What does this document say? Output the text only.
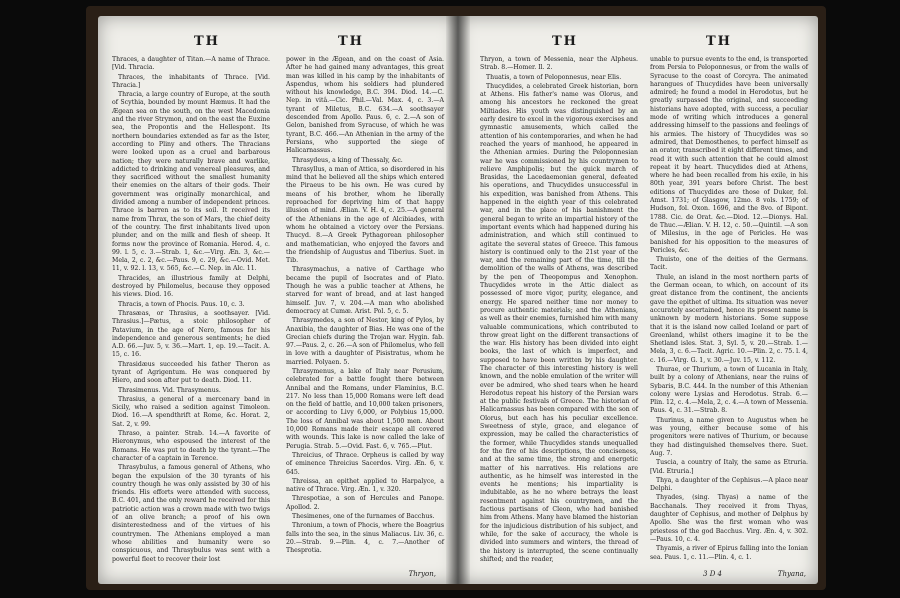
TH	TH

Thraces, a daughter of Titan.—A name of Thrace. [Vid. Thracia.

Thraces, the inhabitants of Thrace. [Vid. Thracia.]

Thracia, a large country of Europe, at the south of Scythia, bounded by mount Hæmus. It had the Ægean sea on the south, on the west Macedonia and the river Strymon, and on the east the Euxine sea, the Propontis and the Hellespont. Its northern boundaries extended as far as the Ister, according to Pliny and others. The Thracians were looked upon as a cruel and barbarous nation; they were naturally brave and warlike, addicted to drinking and venereal pleasures, and they sacrificed without the smallest humanity their enemies on the altars of their gods. Their government was originally monarchical, and divided among a number of independent princes. Thrace is barren as to its soil. It received its name from Thrax, the son of Mars, the chief deity of the country. The first inhabitants lived upon plunder, and on the milk and flesh of sheep. It forms now the province of Romania. Herod. 4, c. 99. l. 5, c. 3.—Strab. 1, &c.—Virg. Æn. 3, &c.—Mela, 2, c. 2, &c.—Paus. 9, c. 29, &c.—Ovid. Met. 11, v. 92. l. 13, v. 565, &c.—C. Nep. in Alc. 11.

Thracides, an illustrious family at Delphi, destroyed by Philomelus, because they opposed his views. Diod. 16.

Thracis, a town of Phocis. Paus. 10, c. 3.

Thrasæas, or Thrasius, a soothsayer. [Vid. Thrasius.]—Pætus, a stoic philosopher of Patavium, in the age of Nero, famous for his independence and generous sentiments; he died A.D. 66.—Juv. 5, v. 36.—Mart. 1, ep. 19.—Tacit. A. 15, c. 16.

Thrasidæus succeeded his father Theron as tyrant of Agrigentum. He was conquered by Hiero, and soon after put to death. Diod. 11.

Thrasimenus. Vid. Thrasymenus.

Thrasius, a general of a mercenary band in Sicily, who raised a sedition against Timoleon. Diod. 16.—A spendthrift at Rome, &c. Horat. 2, Sat. 2, v. 99.

Thraso, a painter. Strab. 14.—A favorite of Hieronymus, who espoused the interest of the Romans. He was put to death by the tyrant.—The character of a captain in Terence.

Thrasybulus, a famous general of Athens, who began the expulsion of the 30 tyrants of his country though he was only assisted by 30 of his friends. His efforts were attended with success, B.C. 401, and the only reward he received for this patriotic action was a crown made with two twigs of an olive branch; a proof of his own disinterestedness and of the virtues of his countrymen. The Athenians employed a man whose abilities and humanity were so conspicuous, and Thrasybulus was sent with a powerful fleet to recover their lost

power in the Ægean, and on the coast of Asia. After he had gained many advantages, this great man was killed in his camp by the inhabitants of Aspendus, whom his soldiers had plundered without his knowledge, B.C. 394. Diod. 14.—C. Nep. in vitâ.—Cic. Phil.—Val. Max. 4, c. 3.—A tyrant of Miletus, B.C. 634.—A soothsayer descended from Apollo. Paus. 6, c. 2.—A son of Gelon, banished from Syracuse, of which he was tyrant, B.C. 466.—An Athenian in the army of the Persians, who supported the siege of Halicarnassus.

Thrasydeus, a king of Thessaly, &c.

Thrasyllus, a man of Attica, so disordered in his mind that he believed all the ships which entered the Piraeus to be his own. He was cured by means of his brother, whom he liberally reproached for depriving him of that happy illusion of mind. Ælian. V. H. 4, c. 25.—A general of the Athenians in the age of Alcibiades, with whom he obtained a victory over the Persians. Thucyd. 8.—A Greek Pythagorean philosopher and mathematician, who enjoyed the favors and the friendship of Augustus and Tiberius. Suet. in Tib.

Thrasymachus, a native of Carthage who became the pupil of Isocrates and of Plato. Though he was a public teacher at Athens, he starved for want of bread, and at last hanged himself. Juv. 7, v. 204.—A man who abolished democracy at Cumæ. Arist. Pol. 5, c. 5.

Thrasymedes, a son of Nestor, king of Pylos, by Anaxibia, the daughter of Bias. He was one of the Grecian chiefs during the Trojan war. Hygin. fab. 97.—Paus. 2, c. 26.—A son of Philomelus, who fell in love with a daughter of Pisistratus, whom he married. Polyaen. 5.

Thrasymenus, a lake of Italy near Perusium, celebrated for a battle fought there between Annibal and the Romans, under Flaminius, B.C. 217. No less than 15,000 Romans were left dead on the field of battle, and 10,000 taken prisoners, or according to Livy 6,000, or Polybius 15,000. The loss of Annibal was about 1,500 men. About 10,000 Romans made their escape all covered with wounds. This lake is now called the lake of Perugia. Strab. 5.—Ovid. Fast. 6, v. 765.—Plut.

Threicius, of Thrace. Orpheus is called by way of eminence Threicius Sacerdos. Virg. Æn. 6, v. 645.

Threissa, an epithet applied to Harpalyce, a native of Thrace. Virg. Æn. 1, v. 320.

Threspotiae, a son of Hercules and Panope. Apollod. 2.

Thesimenes, one of the furnames of Bacchus.

Thronium, a town of Phocis, where the Boagrius falls into the sea, in the sinus Maliacus. Liv. 36, c. 20.—Strab. 9.—Plin. 4, c. 7.—Another of Thesprotia.

Thryon,
TH	TH

Thryon, a town of Messenia, near the Alpheus. Strab. 8.—Homer. Il. 2.

Thuatis, a town of Peloponnesus, near Elis.

Thucydides, a celebrated Greek historian, born at Athens. His father's name was Olorus, and among his ancestors he reckoned the great Miltiades. His youth was distinguished by an early desire to excel in the vigorous exercises and gymnastic amusements, which called the attention of his contemporaries, and when he had reached the years of manhood, he appeared in the Athenian armies. During the Peloponnesian war he was commissioned by his countrymen to relieve Amphipolis; but the quick march of Brasidas, the Lacedaemonian general, defeated his operations, and Thucydides unsuccessful in his expedition, was banished from Athens. This happened in the eighth year of this celebrated war, and in the place of his banishment the general began to write an impartial history of the important events which had happened during his administration, and which still continued to agitate the several states of Greece. This famous history is continued only to the 21st year of the war, and the remaining part of the time, till the demolition of the walls of Athens, was described by the pen of Theopompus and Xenophon. Thucydides wrote in the Attic dialect as possessed of more vigor, purity, elegance, and energy. He spared neither time nor money to procure authentic materials; and the Athenians, as well as their enemies, furnished him with many valuable communications, which contributed to throw great light on the different transactions of the war. His history has been divided into eight books, the last of which is imperfect, and supposed to have been written by his daughter. The character of this interesting history is well known, and the noble emulation of the writer will ever be admired, who shed tears when he heard Herodotus repeat his history of the Persian wars at the public festivals of Greece. The historian of Halicarnassus has been compared with the son of Olorus, but each has his peculiar excellence. Sweetness of style, grace, and elegance of expression, may be called the characteristics of the former, while Thucydides stands unequalled for the fire of his descriptions, the conciseness, and at the same time, the strong and energetic matter of his narratives. His relations are authentic, as he himself was interested in the events he mentions; his impartiality is indubitable, as he no where betrays the least resentment against his countrymen, and the factious partisans of Cleon, who had banished him from Athens. Many have blamed the historian for the injudicious distribution of his subject, and while, for the sake of accuracy, the whole is divided into summers and winters, the thread of the history is interrupted, the scene continually shifted; and the reader,

unable to pursue events to the end, is transported from Persia to Peloponnesus, or from the walls of Syracuse to the coast of Corcyra. The animated harangues of Thucydides have been universally admired; he found a model in Herodotus, but he greatly surpassed the original, and succeeding historians have adopted, with success, a peculiar mode of writing which introduces a general addressing himself to the passions and feelings of his armies. The history of Thucydides was so admired, that Demosthenes, to perfect himself as an orator, transcribed it eight different times, and read it with such attention that he could almost repeat it by heart. Thucydides died at Athens, where he had been recalled from his exile, in his 80th year, 391 years before Christ. The best editions of Thucydides are those of Duker, fol. Amst. 1731; of Glasgow, 12mo. 8 vols. 1759; of Hudson, fol. Oxon. 1696, and the 8vo. of Bipont. 1788. Cic. de Orat. &c.—Diod. 12.—Dionys. Hal. de Thuc.—Ælian. V. H. 12, c. 50.—Quintil. —A son of Milesius, in the age of Pericles. He was banished for his opposition to the measures of Pericles, &c.

Thuisto, one of the deities of the Germans. Tacit.

Thule, an island in the most northern parts of the German ocean, to which, on account of its great distance from the continent, the ancients gave the epithet of ultima. Its situation was never accurately ascertained, hence its present name is unknown by modern historians. Some suppose that it is the island now called Iceland or part of Greenland, whilst others imagine it to be the Shetland isles. Stat. 3, Syl. 5, v. 20.—Strab. 1.—Mela, 3, c. 6.—Tacit. Agric. 10.—Plin. 2, c. 75. l. 4, c. 16.—Virg. G. 1, v. 30.—Juv. 15, v. 112.

Thurae, or Thurium, a town of Lucania in Italy, built by a colony of Athenians, near the ruins of Sybaris, B.C. 444. In the number of this Athenian colony were Lysias and Herodotus. Strab. 6.—Plin. 12, c. 4.—Mela, 2, c. 4.—A town of Messenia. Paus. 4, c. 31.—Strab. 8.

Thurinus, a name given to Augustus when he was young, either because some of his progenitors were natives of Thurium, or because they had distinguished themselves there. Suet. Aug. 7.

Tuscia, a country of Italy, the same as Etruria. [Vid. Etruria.]

Thya, a daughter of the Cephisus.—A place near Delphi.

Thyades, (sing. Thyas) a name of the Bacchanals. They received it from Thyas, daughter of Cephisus, and mother of Delphus by Apollo. She was the first woman who was priestess of the god Bacchus. Virg. Æn. 4, v. 302.—Paus. 10, c. 4.

Thyamis, a river of Epirus falling into the Ionian sea. Paus. 1, c. 11.—Plin. 4, c. 1.

3 D 4	Thyana,
